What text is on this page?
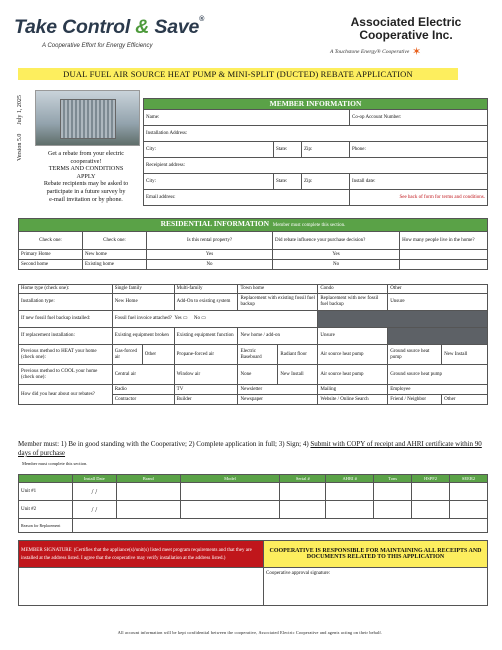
Take Control & Save®
A Cooperative Effort for Energy Efficiency
Associated Electric
Cooperative Inc.
A Touchstone Energy® Cooperative ✶
DUAL FUEL AIR SOURCE HEAT PUMP & MINI-SPLIT (DUCTED) REBATE APPLICATION
Version 5.0      July 1, 2025
Get a rebate from your electric
cooperative!
TERMS AND CONDITIONS
APPLY
Rebate recipients may be asked to
participate in a future survey by
e-mail invitation or by phone.
MEMBER INFORMATION			
Name:			Co-op Account Number:
Installation Address:			
City:	State:	Zip:	Phone:
Receipient address:			
City:	State:	Zip:	Install date:
Email address:			See back of form for terms and conditions.
RESIDENTIAL INFORMATION Member must complete this section.				
Check one:	Check one:	Is this rental property?	Did rebate influence your purchase decision?	How many people live in the home?
Primary Home	New home	Yes	Yes	
Second home	Existing home	No	No	
Home type (check one):	Single family		Multi-family	Town home		Condo	Other	
Installation type:	New Home		Add-On to existing system	Replacement with existing fossil fuel backup		Replacement with new fossil fuel backup	Unsure	
If new fossil fuel backup installed:	Fossil fuel invoice attached? Yes ▭     No ▭							
If replacement installation:	Existing equipment broken		Existing equipment function	New home / add-on		Unsure		
Previous method to HEAT your home (check one):	Gas-forced air	Other	Propane-forced air	Electric Baseboard	Radiant floor	Air source heat pump	Ground source heat pump	New Install
Previous method to COOL your home (check one):	Central air		Window air	None	New Install	Air source heat pump	Ground source heat pump	
How did you hear about our rebates?	Radio		TV	Newsletter		Mailing	Employee	
	Contractor		Builder	Newspaper		Website / Online Search	Friend / Neighbor	Other
Member must: 1) Be in good standing with the Cooperative; 2) Complete application in full; 3) Sign; 4) Submit with COPY of receipt and AHRI certificate within 90 days of purchase
Member must complete this section.
	Install Date	Brand	Model	Serial #	AHRI #	Tons	HSPF2	SEER2
Unit #1	/ /							
Unit #2	/ /							
Reason for Replacement								
MEMBER SIGNATURE (Certifies that the appliance(s)/unit(s) listed meet program requirements and that they are installed at the address listed. I agree that the cooperative may verify installation at the address listed.)	COOPERATIVE IS RESPONSIBLE FOR MAINTAINING ALL RECEIPTS AND DOCUMENTS RELATED TO THIS APPLICATION
	Cooperative approval signature:
All account information will be kept confidential between the cooperative, Associated Electric Cooperative and agents acting on their behalf.
